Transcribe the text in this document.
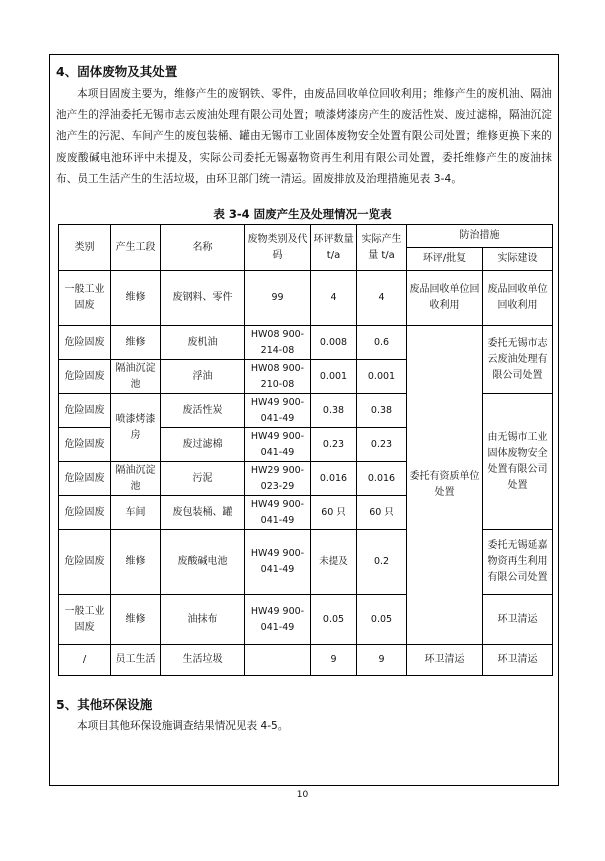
4、固体废物及其处置
本项目固废主要为，维修产生的废钢铁、零件，由废品回收单位回收利用；维修产生的废机油、隔油池产生的浮油委托无锡市志云废油处理有限公司处置；喷漆烤漆房产生的废活性炭、废过滤棉，隔油沉淀池产生的污泥、车间产生的废包装桶、罐由无锡市工业固体废物安全处置有限公司处置；维修更换下来的废废酸碱电池环评中未提及，实际公司委托无锡嘉物资再生利用有限公司处置，委托维修产生的废油抹布、员工生活产生的生活垃圾，由环卫部门统一清运。固废排放及治理措施见表 3-4。
表 3-4 固废产生及处理情况一览表
类别	产生工段	名称	废物类别及代码	环评数量 t/a	实际产生量 t/a	防治措施	
						环评/批复	实际建设
一般工业固废	维修	废钢料、零件	99	4	4	废品回收单位回收利用	废品回收单位回收利用
危险固废	维修	废机油	HW08 900-214-08	0.008	0.6	委托有资质单位处置	委托无锡市志云废油处理有限公司处置
危险固废	隔油沉淀池	浮油	HW08 900-210-08	0.001	0.001		
危险固废	喷漆烤漆房	废活性炭	HW49 900-041-49	0.38	0.38		由无锡市工业固体废物安全处置有限公司处置
危险固废		废过滤棉	HW49 900-041-49	0.23	0.23		
危险固废	隔油沉淀池	污泥	HW29 900-023-29	0.016	0.016		
危险固废	车间	废包装桶、罐	HW49 900-041-49	60 只	60 只		
危险固废	维修	废酸碱电池	HW49 900-041-49	未提及	0.2		委托无锡延嘉物资再生利用有限公司处置
一般工业固废	维修	油抹布	HW49 900-041-49	0.05	0.05		环卫清运
/	员工生活	生活垃圾		9	9	环卫清运	环卫清运
5、其他环保设施
本项目其他环保设施调查结果情况见表 4-5。
10
